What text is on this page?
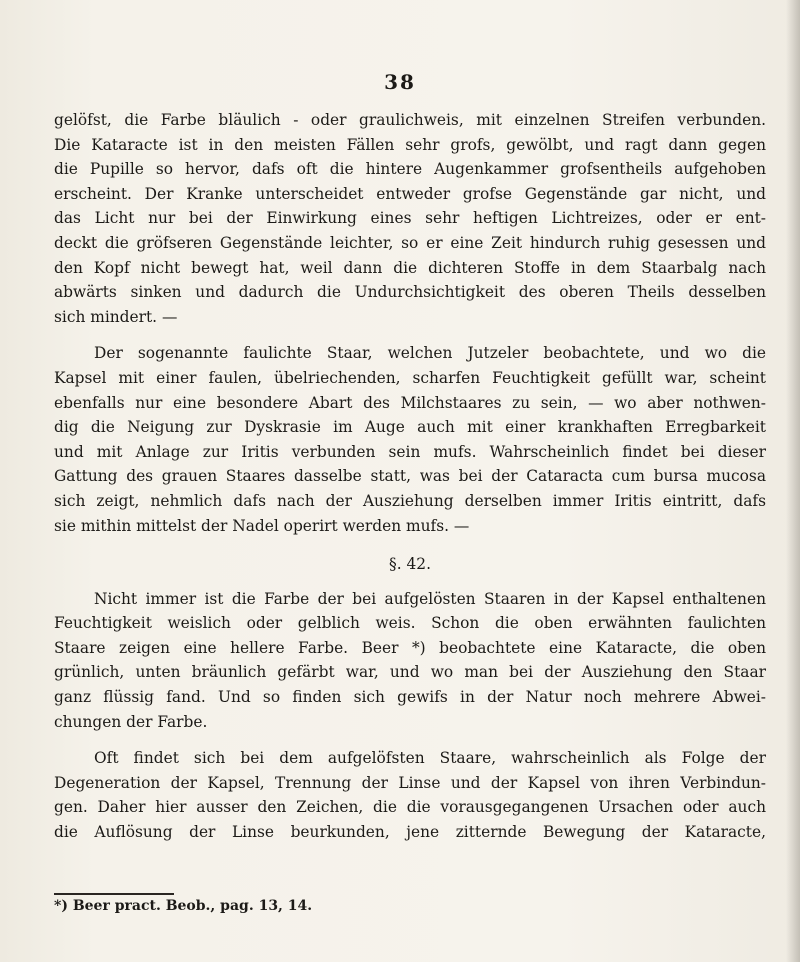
38
gelöfst, die Farbe bläulich - oder graulichweis, mit einzelnen Streifen verbunden.
Die Kataracte ist in den meisten Fällen sehr grofs, gewölbt, und ragt dann gegen
die Pupille so hervor, dafs oft die hintere Augenkammer grofsentheils aufgehoben
erscheint. Der Kranke unterscheidet entweder grofse Gegenstände gar nicht, und
das Licht nur bei der Einwirkung eines sehr heftigen Lichtreizes, oder er ent-
deckt die gröfseren Gegenstände leichter, so er eine Zeit hindurch ruhig gesessen und
den Kopf nicht bewegt hat, weil dann die dichteren Stoffe in dem Staarbalg nach
abwärts sinken und dadurch die Undurchsichtigkeit des oberen Theils desselben
sich mindert. —
Der sogenannte faulichte Staar, welchen Jutzeler beobachtete, und wo die
Kapsel mit einer faulen, übelriechenden, scharfen Feuchtigkeit gefüllt war, scheint
ebenfalls nur eine besondere Abart des Milchstaares zu sein, — wo aber nothwen-
dig die Neigung zur Dyskrasie im Auge auch mit einer krankhaften Erregbarkeit
und mit Anlage zur Iritis verbunden sein mufs. Wahrscheinlich findet bei dieser
Gattung des grauen Staares dasselbe statt, was bei der Cataracta cum bursa mucosa
sich zeigt, nehmlich dafs nach der Ausziehung derselben immer Iritis eintritt, dafs
sie mithin mittelst der Nadel operirt werden mufs. —
§. 42.
Nicht immer ist die Farbe der bei aufgelösten Staaren in der Kapsel enthaltenen
Feuchtigkeit weislich oder gelblich weis. Schon die oben erwähnten faulichten
Staare zeigen eine hellere Farbe. Beer *) beobachtete eine Kataracte, die oben
grünlich, unten bräunlich gefärbt war, und wo man bei der Ausziehung den Staar
ganz flüssig fand. Und so finden sich gewifs in der Natur noch mehrere Abwei-
chungen der Farbe.
Oft findet sich bei dem aufgelöfsten Staare, wahrscheinlich als Folge der
Degeneration der Kapsel, Trennung der Linse und der Kapsel von ihren Verbindun-
gen. Daher hier ausser den Zeichen, die die vorausgegangenen Ursachen oder auch
die Auflösung der Linse beurkunden, jene zitternde Bewegung der Kataracte,
*) Beer pract. Beob., pag. 13, 14.
